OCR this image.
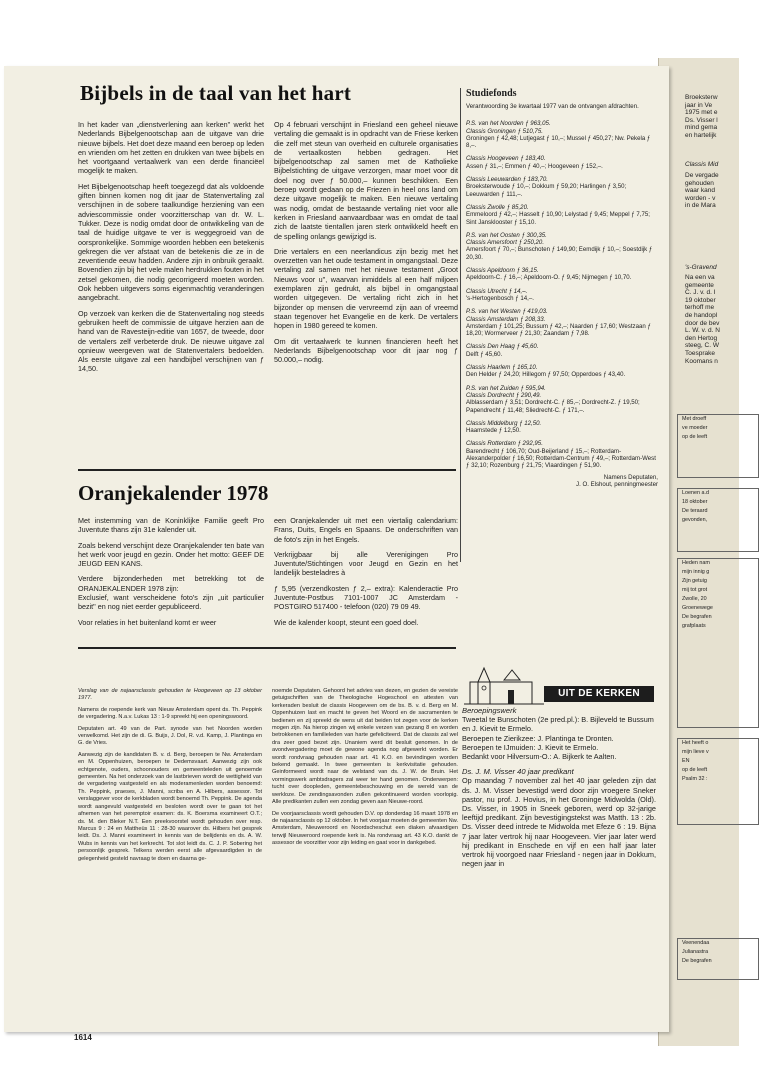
Broeksterw
jaar in Ve
1975 met e
Ds. Visser l
mind gema
en hartelijk
Classis Mid
De vergade
gehouden
waar kand
worden - v
in de Mara
's-Gravend
Na een va
gemeente
C. J. v. d. I
19 oktober
terhoff me
de handopl
door de bev
L. W. v. d. N
den Hertog
steeg, C. W
Toesprake
Koomans n
Met droeff
ve moeder
op de leeft
Loenen a.d
18 oktober
De teraard
gevonden,
Heden nam
mijn innig g
Zijn getuig
mij tot grot
Zwolle, 20
Groenewege
De begrafen
grafplaats
Het heeft o
mijn lieve v
EN
op de leeft
Psalm 32 :
Veenendaa
Julianastra
De begrafen
Bijbels in de taal van het hart

In het kader van „dienstverlening aan kerken" werkt het Nederlands Bijbelgenootschap aan de uitgave van drie nieuwe bijbels. Het doet deze maand een beroep op leden en vrienden om het zetten en drukken van twee bijbels en het voortgaand vertaalwerk van een derde financiëel mogelijk te maken.

Het Bijbelgenootschap heeft toegezegd dat als voldoende giften binnen komen nog dit jaar de Statenvertaling zal verschijnen in de sobere taalkundige herziening van een adviescommissie onder voorzitterschap van dr. W. L. Tukker. Deze is nodig omdat door de ontwikkeling van de taal de huidige uitgave te ver is weggegroeid van de oorspronkelijke. Sommige woorden hebben een betekenis gekregen die ver afstaat van de betekenis die ze in de zeventiende eeuw hadden. Andere zijn in onbruik geraakt. Bovendien zijn bij het vele malen herdrukken fouten in het zetsel gekomen, die nodig gecorrigeerd moeten worden. Ook hebben uitgevers soms eigenmachtig veranderingen aangebracht.

Op verzoek van kerken die de Statenvertaling nog steeds gebruiken heeft de commissie de uitgave herzien aan de hand van de Ravesteijn-editie van 1657, de tweede, door de vertalers zelf verbeterde druk. De nieuwe uitgave zal opnieuw weergeven wat de Statenvertalers bedoelden. Als eerste uitgave zal een handbijbel verschijnen van ƒ 14,50.

Op 4 februari verschijnt in Friesland een geheel nieuwe vertaling die gemaakt is in opdracht van de Friese kerken die zelf met steun van overheid en culturele organisaties de vertaalkosten hebben gedragen. Het bijbelgenootschap zal samen met de Katholieke Bijbelstichting de uitgave verzorgen, maar moet voor dit doel nog over ƒ 50.000,– kunnen beschikken. Een beroep wordt gedaan op de Friezen in heel ons land om deze uitgave mogelijk te maken. Een nieuwe vertaling was nodig, omdat de bestaande vertaling niet voor alle kerken in Friesland aanvaardbaar was en omdat de taal zich de laatste tientallen jaren sterk ontwikkeld heeft en de spelling onlangs gewijzigd is.

Drie vertalers en een neerlandicus zijn bezig met het overzetten van het oude testament in omgangstaal. Deze vertaling zal samen met het nieuwe testament „Groot Nieuws voor u", waarvan inmiddels al een half miljoen exemplaren zijn gedrukt, als bijbel in omgangstaal worden uitgegeven. De vertaling richt zich in het bijzonder op mensen die vervreemd zijn aan of vreemd staan tegenover het Evangelie en de kerk. De vertalers hopen in 1980 gereed te komen.

Om dit vertaalwerk te kunnen financieren heeft het Nederlands Bijbelgenootschap voor dit jaar nog ƒ 50.000,– nodig.

Studiefonds
Verantwoording 3e kwartaal 1977 van de ontvangen afdrachten.
P.S. van het Noorden ƒ 963,05.
Classis Groningen ƒ 510,75.
Groningen ƒ 42,48; Lutjegast ƒ 10,–; Mussel ƒ 450,27; Nw. Pekela ƒ 8,–.
Classis Hoogeveen ƒ 183,40.
Assen ƒ 31,–; Emmen ƒ 40,–; Hoogeveen ƒ 152,–.
Classis Leeuwarden ƒ 183,70.
Broeksterwoude ƒ 10,–; Dokkum ƒ 59,20; Harlingen ƒ 3,50; Leeuwarden ƒ 111,–.
Classis Zwolle ƒ 85,20.
Emmeloord ƒ 42,–; Hasselt ƒ 10,90; Lelystad ƒ 9,45; Meppel ƒ 7,75; Sint Jansklooster ƒ 15,10.
P.S. van het Oosten ƒ 300,35.
Classis Amersfoort ƒ 250,20.
Amersfoort ƒ 70,–; Bunschoten ƒ 149,90; Eemdijk ƒ 10,–; Soestdijk ƒ 20,30.
Classis Apeldoorn ƒ 36,15.
Apeldoorn-C. ƒ 16,–; Apeldoorn-O. ƒ 9,45; Nijmegen ƒ 10,70.
Classis Utrecht ƒ 14,–.
's-Hertogenbosch ƒ 14,–.
P.S. van het Westen ƒ 419,03.
Classis Amsterdam ƒ 208,33.
Amsterdam ƒ 101,25; Bussum ƒ 42,–; Naarden ƒ 17,60; Westzaan ƒ 18,20; Wormerveer ƒ 21,30; Zaandam ƒ 7,98.
Classis Den Haag ƒ 45,60.
Delft ƒ 45,60.
Classis Haarlem ƒ 165,10.
Den Helder ƒ 24,20; Hillegom ƒ 97,50; Opperdoes ƒ 43,40.
P.S. van het Zuiden ƒ 595,94.
Classis Dordrecht ƒ 290,49.
Alblasserdam ƒ 3,51; Dordrecht-C. ƒ 85,–; Dordrecht-Z. ƒ 19,50; Papendrecht ƒ 11,48; Sliedrecht-C. ƒ 171,–.
Classis Middelburg ƒ 12,50.
Haamstede ƒ 12,50.
Classis Rotterdam ƒ 292,95.
Barendrecht ƒ 106,70; Oud-Beijerland ƒ 15,–; Rotterdam-Alexanderpolder ƒ 16,50; Rotterdam-Centrum ƒ 49,–; Rotterdam-West ƒ 32,10; Rozenburg ƒ 21,75; Vlaardingen ƒ 51,90.
Namens Deputaten,
J. O. Elshout, penningmeester
Oranjekalender 1978

Met instemming van de Koninklijke Familie geeft Pro Juventute thans zijn 31e kalender uit.

Zoals bekend verschijnt deze Oranjekalender ten bate van het werk voor jeugd en gezin. Onder het motto: GEEF DE JEUGD EEN KANS.

Verdere bijzonderheden met betrekking tot de ORANJEKALENDER 1978 zijn:
Exclusief, want verscheidene foto's zijn „uit particulier bezit" en nog niet eerder gepubliceerd.

Voor relaties in het buitenland komt er weer

een Oranjekalender uit met een viertalig calendarium: Frans, Duits, Engels en Spaans. De onderschriften van de foto's zijn in het Engels.

Verkrijgbaar bij alle Verenigingen Pro Juventute/Stichtingen voor Jeugd en Gezin en het landelijk besteladres à

ƒ 5,95 (verzendkosten ƒ 2,– extra): Kalenderactie Pro Juventute-Postbus 7101-1007 JC Amsterdam - POSTGIRO 517400 - telefoon (020) 79 09 49.

Wie de kalender koopt, steunt een goed doel.

Verslag van de najaarsclassis gehouden te Hoogeveen op 13 oktober 1977.

Namens de roepende kerk van Nieuw Amsterdam opent ds. Th. Peppink de vergadering. N.a.v. Lukas 13 : 1-9 spreekt hij een openingswoord.

Deputaten art. 49 van de Part. synode van het Noorden worden verwelkomd. Het zijn de di. G. Buijs, J. Dol, R. v.d. Kamp, J. Plantinga en G. de Vries.

Aanwezig zijn de kandidaten B. v. d. Berg, beroepen te Nw. Amsterdam en M. Oppenhuizen, beroepen te Dedemsvaart. Aanwezig zijn ook echtgenote, ouders, schoonouders en gemeenteleden uit genoemde gemeenten. Na het onderzoek van de lastbrieven wordt de wettigheid van de vergadering vastgesteld en als moderamenleden worden benoemd: Th. Peppink, praeses, J. Manni, scriba en A. Hilbers, assessor. Tot verslaggever voor de kerkbladen wordt benoemd Th. Peppink. De agenda wordt aangevuld vastgesteld en besloten wordt over te gaan tot het afnemen van het peremptoir examen: ds. K. Boersma examineert O.T.; ds. M. den Bleker N.T. Een preekvoorstel wordt gehouden over resp. Marcus 9 : 24 en Mattheüs 11 : 28-30 waarover ds. Hilbers het gesprek leidt. Ds. J. Manni examineert in kennis van de belijdenis en ds. A. W. Wubs in kennis van het kerkrecht. Tot slot leidt ds. C. J. P. Sobering het persoonlijk gesprek. Telkens werden eerst alle afgevaardigden in de gelegenheid gesteld navraag te doen en daarna ge-

noemde Deputaten. Gehoord het advies van dezen, en gezien de vereiste getuigschriften van de Theologische Hogeschool en attesten van kerkeraden besluit de classis Hoogeveen om de bs. B. v. d. Berg en M. Oppenhuizen last en macht te geven het Woord en de sacramenten te bedienen en zij spreekt de wens uit dat beiden tot zegen voor de kerken mogen zijn. Na hierop zingen wij enkele verzen van gezang 8 en worden betrokkenen en familieleden van harte gefeliciteerd. Dat de classis zal wel dra zeer goed bezet zijn. Unaniem werd dit besluit genomen. In de avondvergadering moet de gewone agenda nog afgewerkt worden. Er wordt rondvraag gehouden naar art. 41 K.O. en bevindingen worden bekend gemaakt. In twee gemeenten is kerkvisitatie gehouden. Geinformeerd wordt naar de welstand van ds. J. W. de Bruin. Het vormingswerk ambtsdragers zal weer ter hand genomen. Onderwerpen: tucht over doopleden, gemeentebeschouwing en de wereld van de werkloze. De zendingsavonden zullen gekontinueerd worden voorlopig. Alle predikanten zullen een zondag geven aan Nieuwe-roord.

De voorjaarsclassis wordt gehouden D.V. op donderdag 16 maart 1978 en de najaarsclassis op 12 oktober. In het voorjaar moeten de gemeenten Nw. Amsterdam, Nieuweroord en Noordscheschut een diaken afvaardigen terwijl Nieuweroord roepende kerk is. Na rondvraag art. 43 K.O. dankt de assessor de voorzitter voor zijn leiding en gaat voor in dankgebed.

UIT DE KERKEN
Beroepingswerk
Tweetal te Bunschoten (2e pred.pl.): B. Bijleveld te Bussum en J. Kievit te Ermelo.
Beroepen te Zierikzee: J. Plantinga te Dronten.
Beroepen te IJmuiden: J. Kievit te Ermelo.
Bedankt voor Hilversum-O.: A. Bijkerk te Aalten.
Ds. J. M. Visser 40 jaar predikant

Op maandag 7 november zal het 40 jaar geleden zijn dat ds. J. M. Visser bevestigd werd door zijn vroegere Sneker pastor, nu prof. J. Hovius, in het Groninge Midwolda (Old). Ds. Visser, in 1905 in Sneek geboren, werd op 32-jarige leeftijd predikant. Zijn bevestigingstekst was Matth. 13 : 2b. Ds. Visser deed intrede te Midwolda met Efeze 6 : 19. Bijna 7 jaar later vertrok hij naar Hoogeveen. Vier jaar later werd hij predikant in Enschede en vijf en een half jaar later vertrok hij voorgoed naar Friesland - negen jaar in Dokkum, negen jaar in

1614
